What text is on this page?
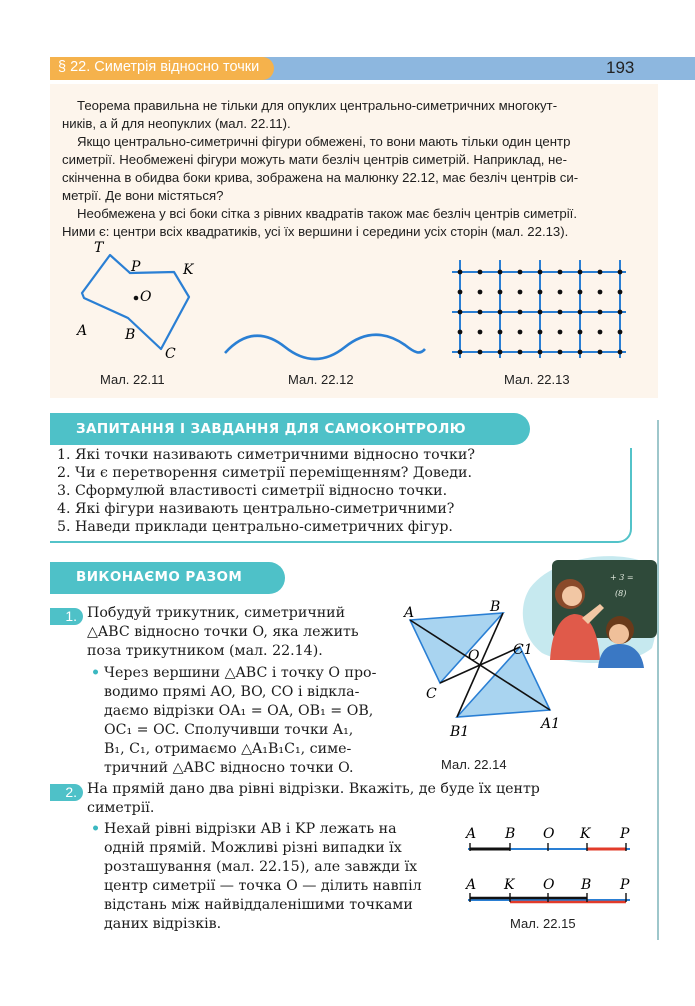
§ 22. Симетрія відносно точки	193
Теорема правильна не тільки для опуклих центрально-симетричних многокут-
ників, а й для неопуклих (мал. 22.11).
Якщо центрально-симетричні фігури обмежені, то вони мають тільки один центр
симетрії. Необмежені фігури можуть мати безліч центрів симетрій. Наприклад, не-
скінченна в обидва боки крива, зображена на малюнку 22.12, має безліч центрів си-
метрії. Де вони містяться?
Необмежена у всі боки сітка з рівних квадратів також має безліч центрів симетрії.
Ними є: центри всіх квадратиків, усі їх вершини і середини усіх сторін (мал. 22.13).
T
P	K
O
A	B
C
Мал. 22.11	Мал. 22.12	Мал. 22.13
ЗАПИТАННЯ І ЗАВДАННЯ ДЛЯ САМОКОНТРОЛЮ
1. Які точки називають симетричними відносно точки?
2. Чи є перетворення симетрії переміщенням? Доведи.
3. Сформулюй властивості симетрії відносно точки.
4. Які фігури називають центрально-симетричними?
5. Наведи приклади центрально-симетричних фігур.
ВИКОНАЄМО РАЗОМ	+ 3 =
(8)
1. Побудуй трикутник, симетричний
△ABC відносно точки O, яка лежить
поза трикутником (мал. 22.14).
• Через вершини △ABC і точку O про-
водимо прямі AO, BO, CO і відкла-
даємо відрізки OA₁ = OA, OB₁ = OB,
OC₁ = OC. Сполучивши точки A₁,
B₁, C₁, отримаємо △A₁B₁C₁, симе-
тричний △ABC відносно точки O.
A	B
O
C
C1
B1	A1
Мал. 22.14
2. На прямій дано два рівні відрізки. Вкажіть, де буде їх центр
симетрії.
• Нехай рівні відрізки AB і KP лежать на
одній прямій. Можливі різні випадки їх
розташування (мал. 22.15), але завжди їх
центр симетрії — точка O — ділить навпіл
відстань між найвіддаленішими точками
даних відрізків.
A B O K P
A K O B P
Мал. 22.15
